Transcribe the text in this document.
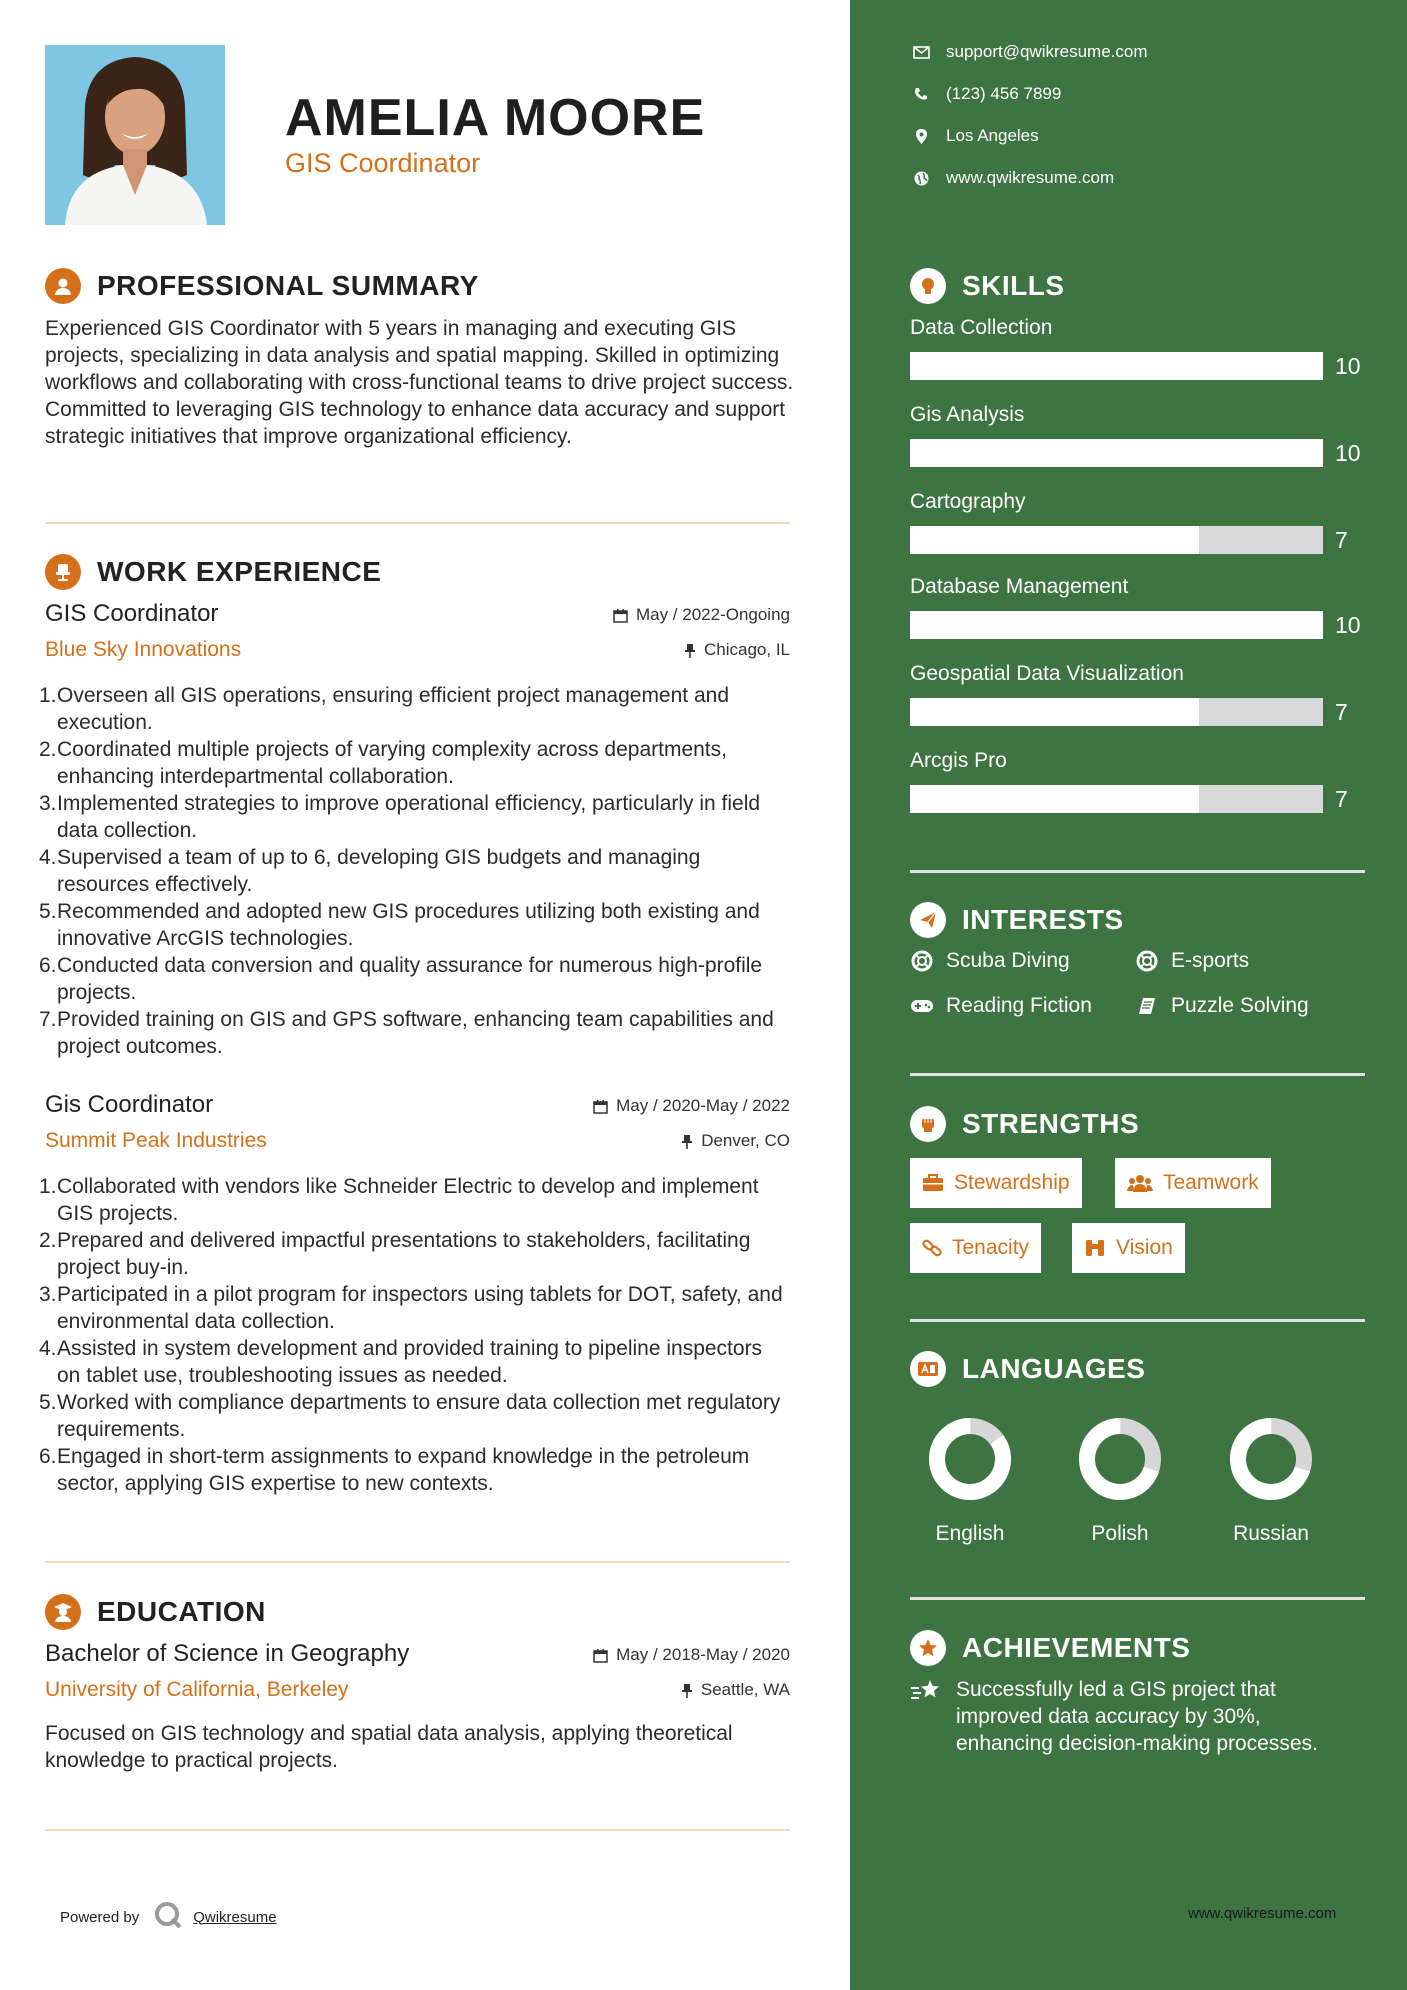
AMELIA MOORE
GIS Coordinator
PROFESSIONAL SUMMARY
Experienced GIS Coordinator with 5 years in managing and executing GIS projects, specializing in data analysis and spatial mapping. Skilled in optimizing workflows and collaborating with cross-functional teams to drive project success. Committed to leveraging GIS technology to enhance data accuracy and support strategic initiatives that improve organizational efficiency.
WORK EXPERIENCE
GIS Coordinator
Blue Sky Innovations
May / 2022-Ongoing
Chicago, IL
1. Overseen all GIS operations, ensuring efficient project management and execution.
2. Coordinated multiple projects of varying complexity across departments, enhancing interdepartmental collaboration.
3. Implemented strategies to improve operational efficiency, particularly in field data collection.
4. Supervised a team of up to 6, developing GIS budgets and managing resources effectively.
5. Recommended and adopted new GIS procedures utilizing both existing and innovative ArcGIS technologies.
6. Conducted data conversion and quality assurance for numerous high-profile projects.
7. Provided training on GIS and GPS software, enhancing team capabilities and project outcomes.
Gis Coordinator
Summit Peak Industries
May / 2020-May / 2022
Denver, CO
1. Collaborated with vendors like Schneider Electric to develop and implement GIS projects.
2. Prepared and delivered impactful presentations to stakeholders, facilitating project buy-in.
3. Participated in a pilot program for inspectors using tablets for DOT, safety, and environmental data collection.
4. Assisted in system development and provided training to pipeline inspectors on tablet use, troubleshooting issues as needed.
5. Worked with compliance departments to ensure data collection met regulatory requirements.
6. Engaged in short-term assignments to expand knowledge in the petroleum sector, applying GIS expertise to new contexts.
EDUCATION
Bachelor of Science in Geography
University of California, Berkeley
May / 2018-May / 2020
Seattle, WA
Focused on GIS technology and spatial data analysis, applying theoretical knowledge to practical projects.
Powered by	Qwikresume
support@qwikresume.com
(123) 456 7899
Los Angeles
www.qwikresume.com
SKILLS
Data Collection
10
Gis Analysis
10
Cartography
7
Database Management
10
Geospatial Data Visualization
7
Arcgis Pro
7
INTERESTS
Scuba Diving	E-sports
Reading Fiction	Puzzle Solving
STRENGTHS
Stewardship	Teamwork
Tenacity	Vision
LANGUAGES
English	Polish	Russian
ACHIEVEMENTS
Successfully led a GIS project that improved data accuracy by 30%, enhancing decision-making processes.
www.qwikresume.com
